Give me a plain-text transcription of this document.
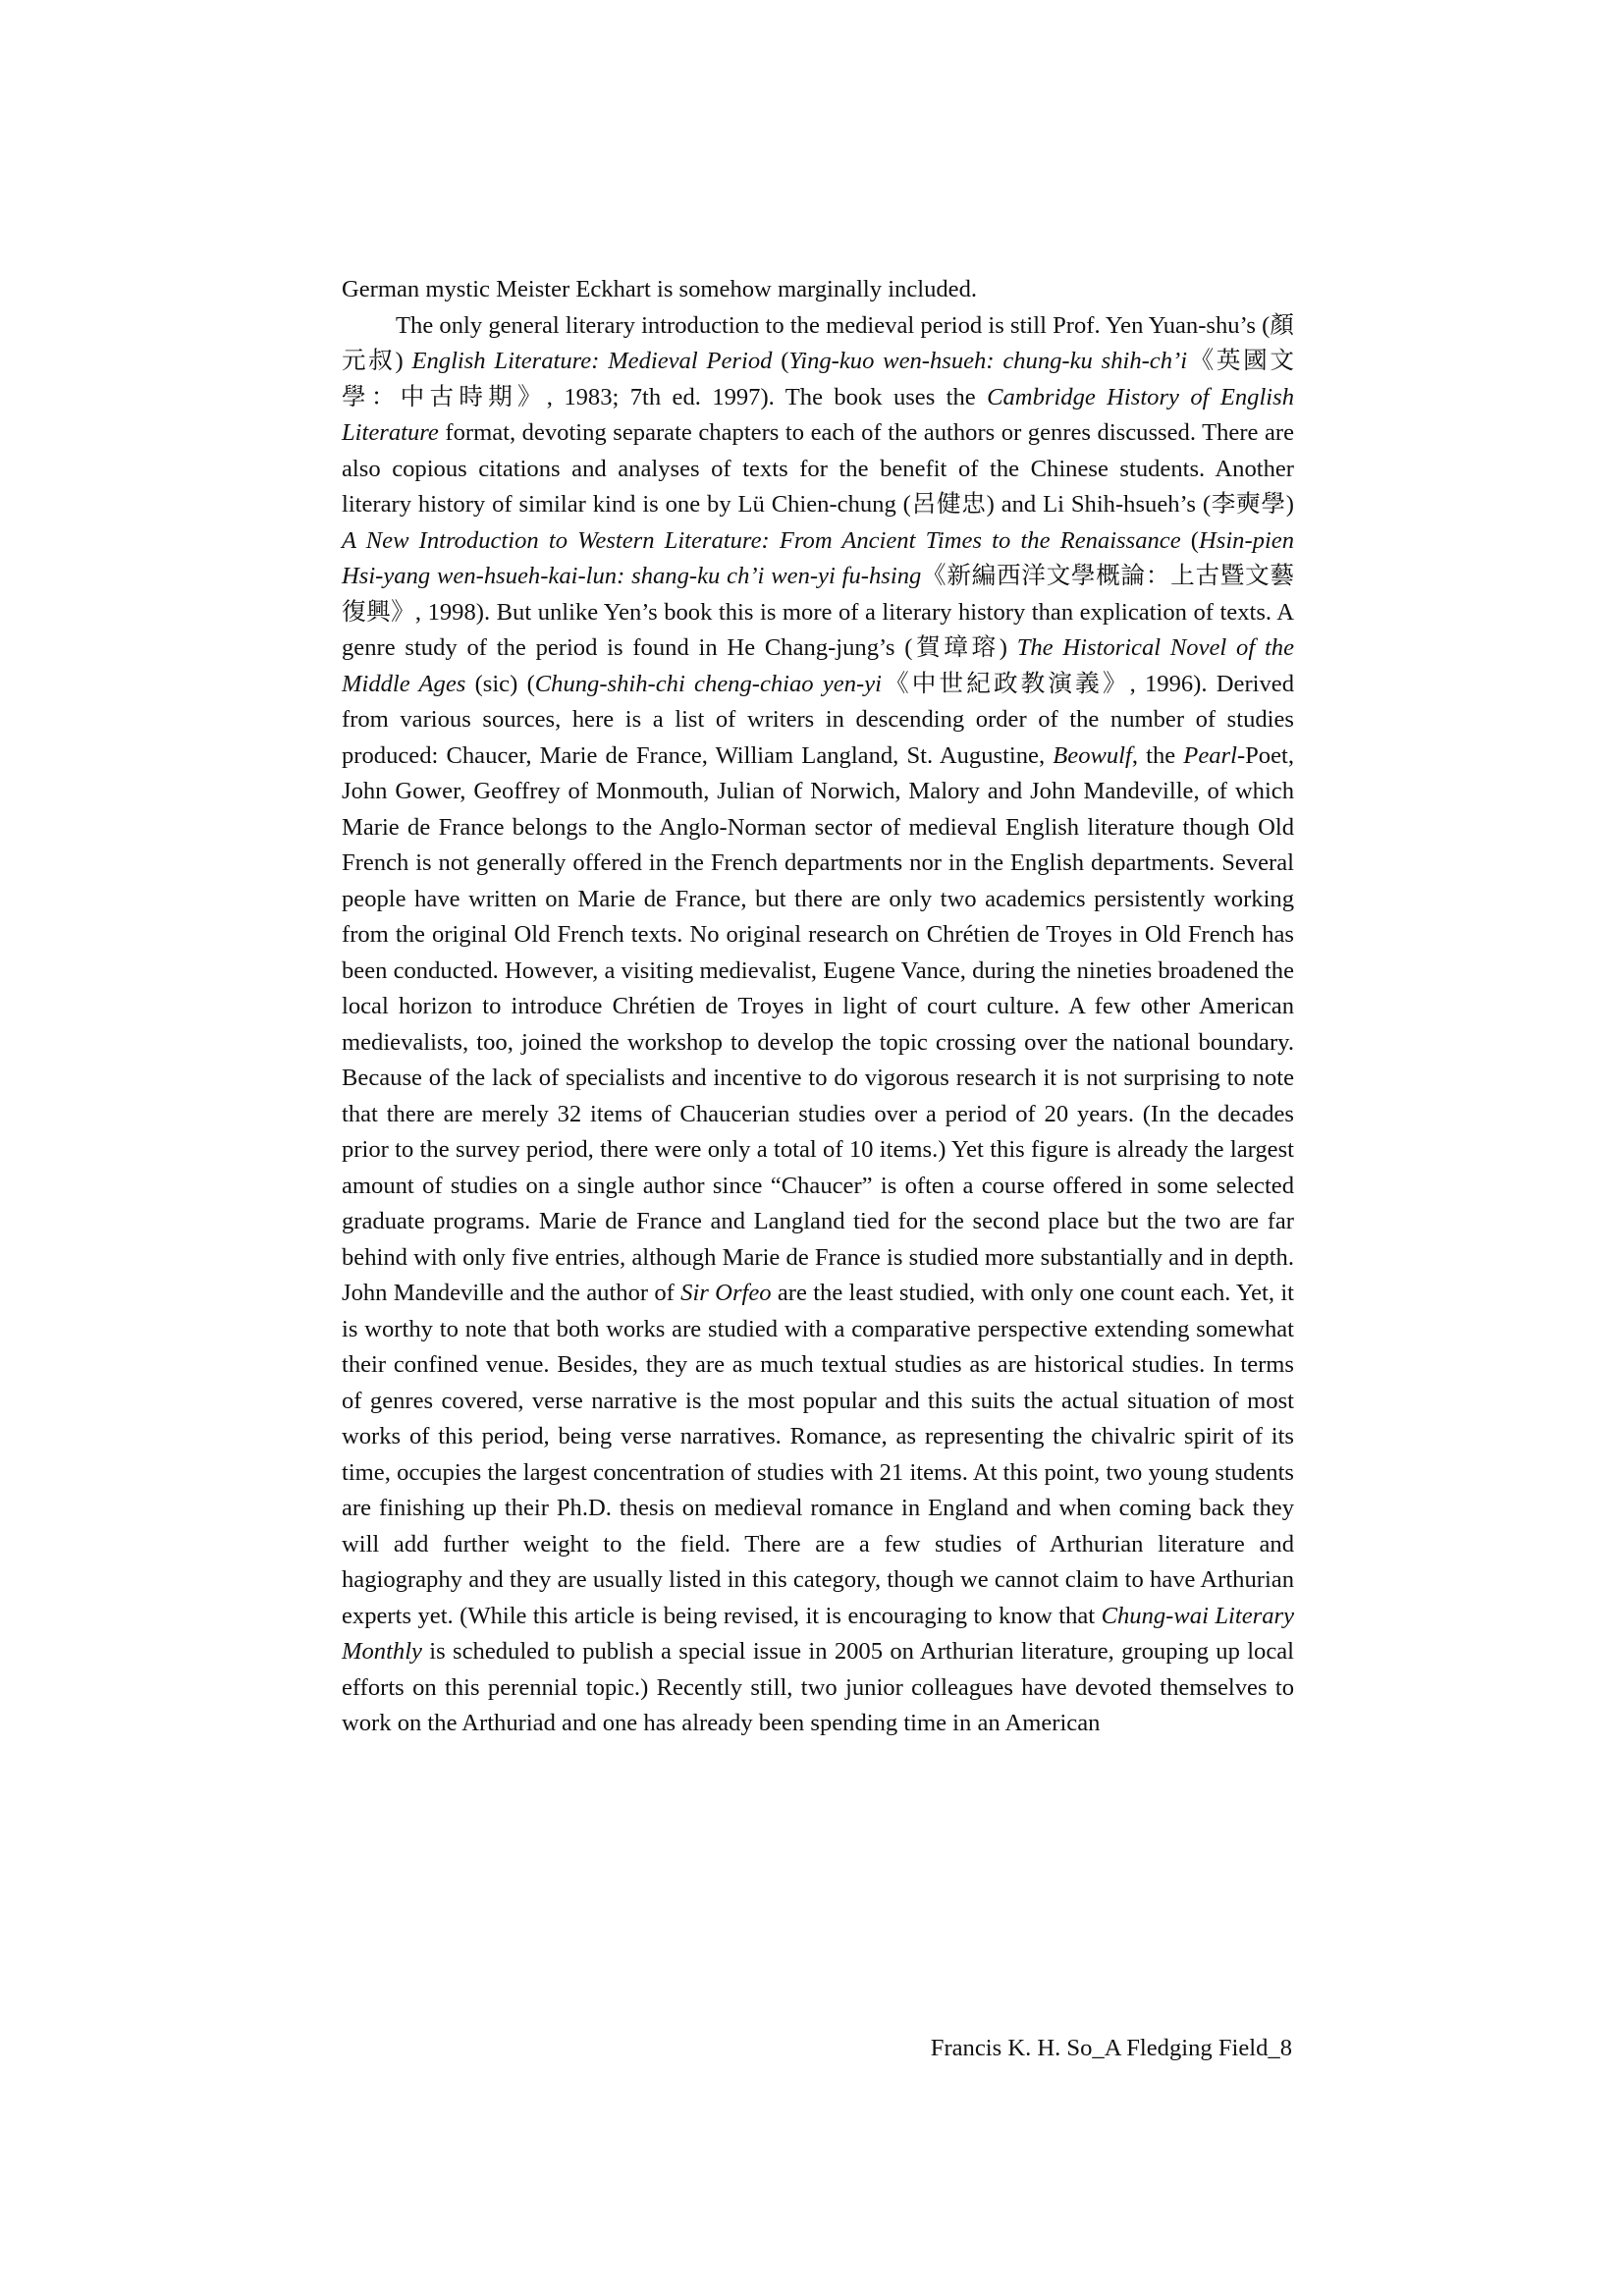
German mystic Meister Eckhart is somehow marginally included.

The only general literary introduction to the medieval period is still Prof. Yen Yuan-shu’s (顏元叔) English Literature: Medieval Period (Ying-kuo wen-hsueh: chung-ku shih-ch’i《英國文學：中古時期》, 1983; 7th ed. 1997). The book uses the Cambridge History of English Literature format, devoting separate chapters to each of the authors or genres discussed. There are also copious citations and analyses of texts for the benefit of the Chinese students. Another literary history of similar kind is one by Lü Chien-chung (呂健忠) and Li Shih-hsueh’s (李奭學) A New Introduction to Western Literature: From Ancient Times to the Renaissance (Hsin-pien Hsi-yang wen-hsueh-kai-lun: shang-ku ch’i wen-yi fu-hsing《新編西洋文學概論：上古暨文藝復興》, 1998). But unlike Yen’s book this is more of a literary history than explication of texts. A genre study of the period is found in He Chang-jung’s (賀璋瑢) The Historical Novel of the Middle Ages (sic) (Chung-shih-chi cheng-chiao yen-yi《中世紀政教演義》, 1996). Derived from various sources, here is a list of writers in descending order of the number of studies produced: Chaucer, Marie de France, William Langland, St. Augustine, Beowulf, the Pearl-Poet, John Gower, Geoffrey of Monmouth, Julian of Norwich, Malory and John Mandeville, of which Marie de France belongs to the Anglo-Norman sector of medieval English literature though Old French is not generally offered in the French departments nor in the English departments. Several people have written on Marie de France, but there are only two academics persistently working from the original Old French texts. No original research on Chrétien de Troyes in Old French has been conducted. However, a visiting medievalist, Eugene Vance, during the nineties broadened the local horizon to introduce Chrétien de Troyes in light of court culture. A few other American medievalists, too, joined the workshop to develop the topic crossing over the national boundary. Because of the lack of specialists and incentive to do vigorous research it is not surprising to note that there are merely 32 items of Chaucerian studies over a period of 20 years. (In the decades prior to the survey period, there were only a total of 10 items.) Yet this figure is already the largest amount of studies on a single author since “Chaucer” is often a course offered in some selected graduate programs. Marie de France and Langland tied for the second place but the two are far behind with only five entries, although Marie de France is studied more substantially and in depth. John Mandeville and the author of Sir Orfeo are the least studied, with only one count each. Yet, it is worthy to note that both works are studied with a comparative perspective extending somewhat their confined venue. Besides, they are as much textual studies as are historical studies. In terms of genres covered, verse narrative is the most popular and this suits the actual situation of most works of this period, being verse narratives. Romance, as representing the chivalric spirit of its time, occupies the largest concentration of studies with 21 items. At this point, two young students are finishing up their Ph.D. thesis on medieval romance in England and when coming back they will add further weight to the field. There are a few studies of Arthurian literature and hagiography and they are usually listed in this category, though we cannot claim to have Arthurian experts yet. (While this article is being revised, it is encouraging to know that Chung-wai Literary Monthly is scheduled to publish a special issue in 2005 on Arthurian literature, grouping up local efforts on this perennial topic.) Recently still, two junior colleagues have devoted themselves to work on the Arthuriad and one has already been spending time in an American

Francis K. H. So_A Fledging Field_8
